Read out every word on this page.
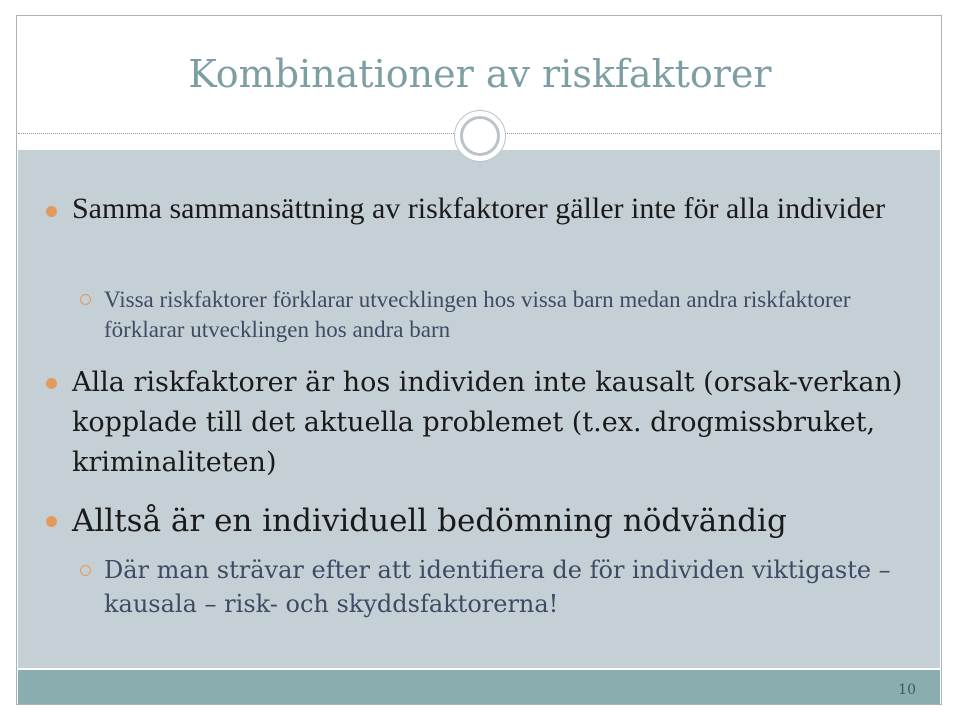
Kombinationer av riskfaktorer
Samma sammansättning av riskfaktorer gäller inte för alla individer
Vissa riskfaktorer förklarar utvecklingen hos vissa barn medan andra riskfaktorer förklarar utvecklingen hos andra barn
Alla riskfaktorer är hos individen inte kausalt (orsak-verkan) kopplade till det aktuella problemet (t.ex. drogmissbruket, kriminaliteten)
Alltså är en individuell bedömning nödvändig
Där man strävar efter att identifiera de för individen viktigaste – kausala – risk- och skyddsfaktorerna!
10
